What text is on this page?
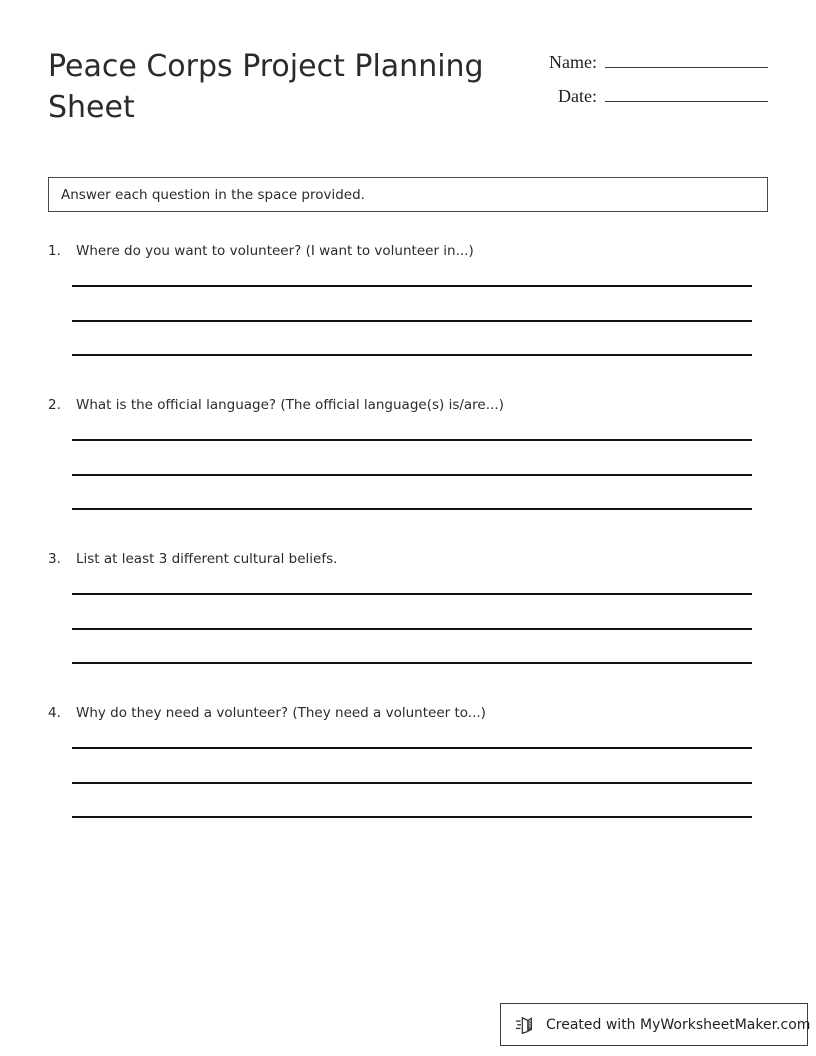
Peace Corps Project Planning Sheet
Name:
Date:
Answer each question in the space provided.
1.	Where do you want to volunteer? (I want to volunteer in...)
2.	What is the official language? (The official language(s) is/are...)
3.	List at least 3 different cultural beliefs.
4.	Why do they need a volunteer? (They need a volunteer to...)
Created with MyWorksheetMaker.com
